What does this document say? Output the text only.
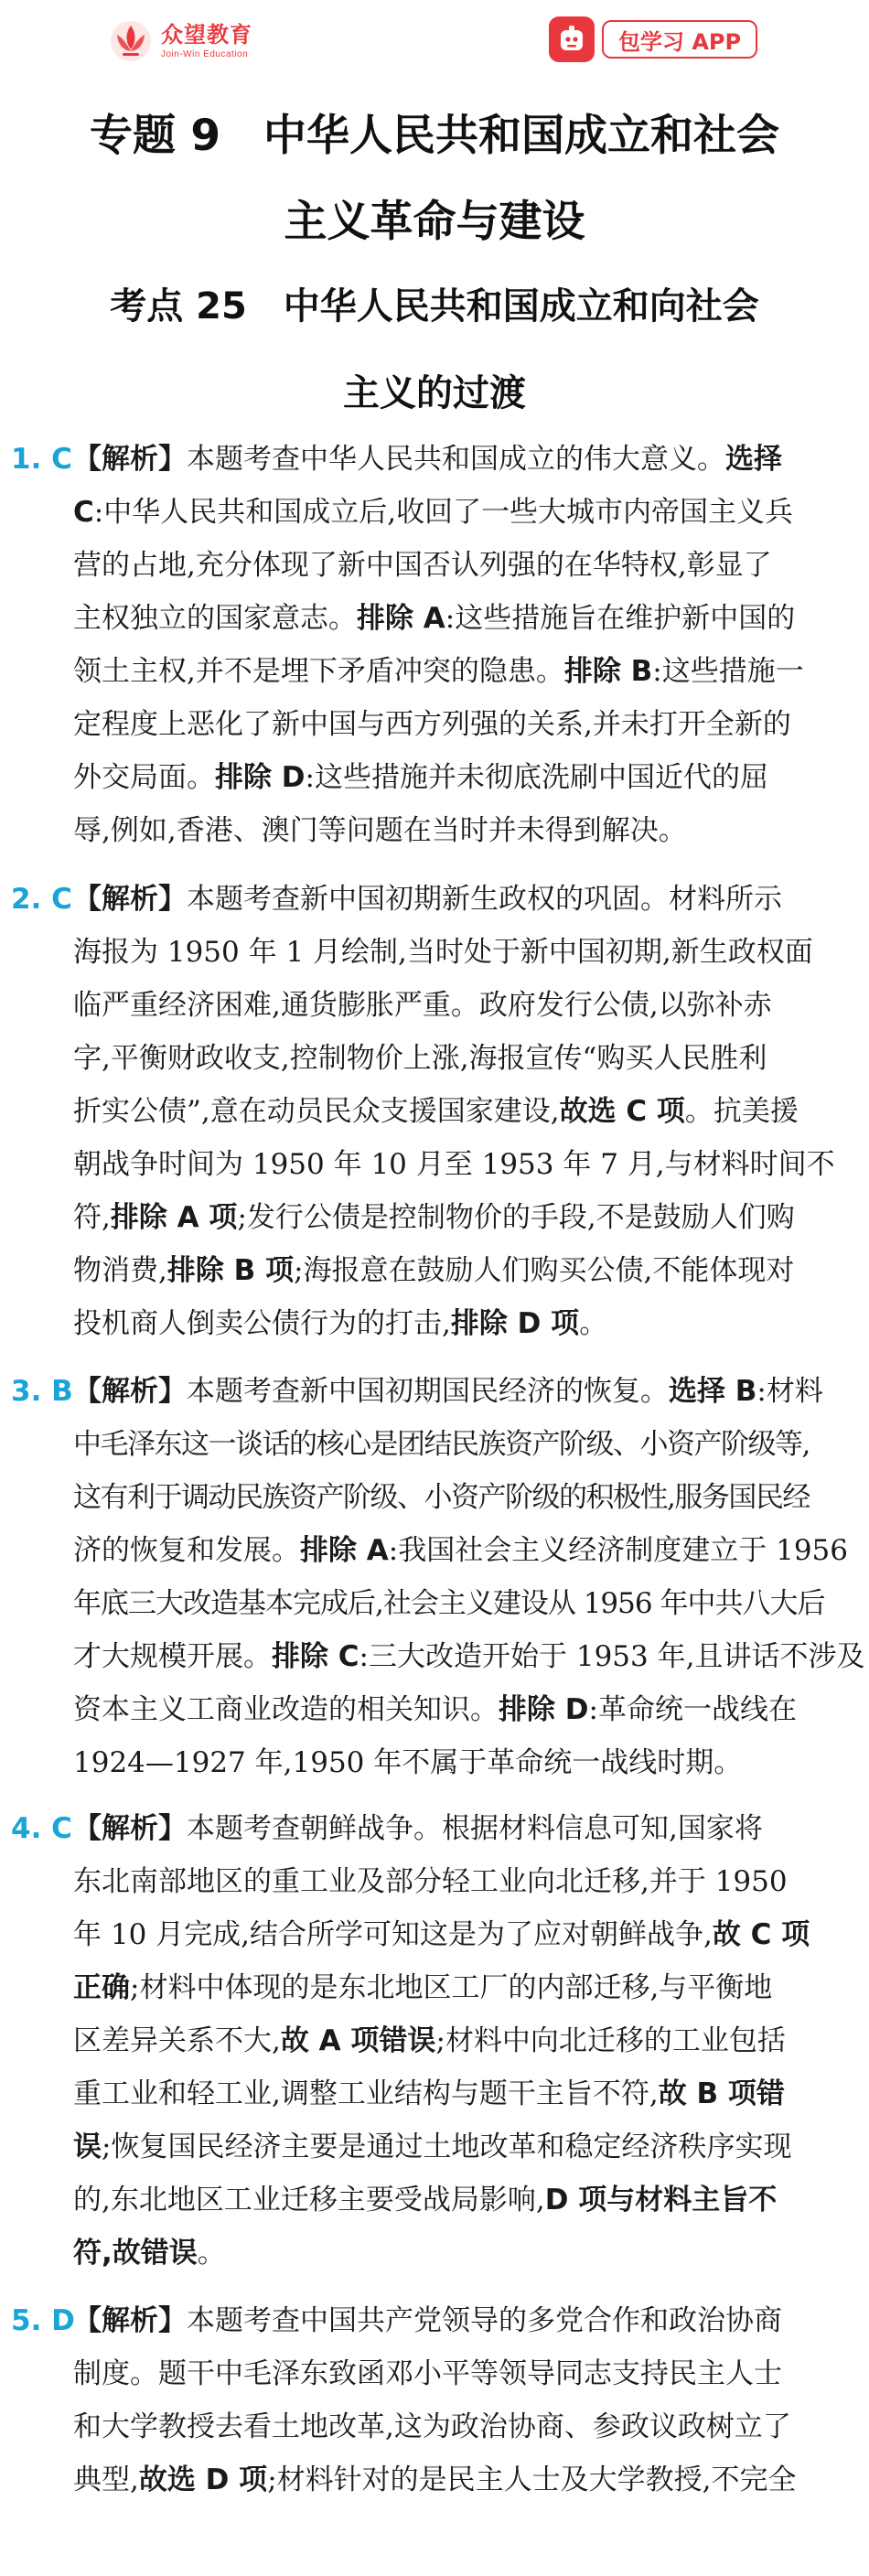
众望教育
Join-Win Education	包学习 APP
专题 9　中华人民共和国成立和社会
主义革命与建设
考点 25　中华人民共和国成立和向社会
主义的过渡
1. C【解析】本题考查中华人民共和国成立的伟大意义。选择
C:中华人民共和国成立后,收回了一些大城市内帝国主义兵
营的占地,充分体现了新中国否认列强的在华特权,彰显了
主权独立的国家意志。排除 A:这些措施旨在维护新中国的
领土主权,并不是埋下矛盾冲突的隐患。排除 B:这些措施一
定程度上恶化了新中国与西方列强的关系,并未打开全新的
外交局面。排除 D:这些措施并未彻底洗刷中国近代的屈
辱,例如,香港、澳门等问题在当时并未得到解决。
2. C【解析】本题考查新中国初期新生政权的巩固。材料所示
海报为 1950 年 1 月绘制,当时处于新中国初期,新生政权面
临严重经济困难,通货膨胀严重。政府发行公债,以弥补赤
字,平衡财政收支,控制物价上涨,海报宣传“购买人民胜利
折实公债”,意在动员民众支援国家建设,故选 C 项。抗美援
朝战争时间为 1950 年 10 月至 1953 年 7 月,与材料时间不
符,排除 A 项;发行公债是控制物价的手段,不是鼓励人们购
物消费,排除 B 项;海报意在鼓励人们购买公债,不能体现对
投机商人倒卖公债行为的打击,排除 D 项。
3. B【解析】本题考查新中国初期国民经济的恢复。选择 B:材料
中毛泽东这一谈话的核心是团结民族资产阶级、小资产阶级等,
这有利于调动民族资产阶级、小资产阶级的积极性,服务国民经
济的恢复和发展。排除 A:我国社会主义经济制度建立于 1956
年底三大改造基本完成后,社会主义建设从 1956 年中共八大后
才大规模开展。排除 C:三大改造开始于 1953 年,且讲话不涉及
资本主义工商业改造的相关知识。排除 D:革命统一战线在
1924—1927 年,1950 年不属于革命统一战线时期。
4. C【解析】本题考查朝鲜战争。根据材料信息可知,国家将
东北南部地区的重工业及部分轻工业向北迁移,并于 1950
年 10 月完成,结合所学可知这是为了应对朝鲜战争,故 C 项
正确;材料中体现的是东北地区工厂的内部迁移,与平衡地
区差异关系不大,故 A 项错误;材料中向北迁移的工业包括
重工业和轻工业,调整工业结构与题干主旨不符,故 B 项错
误;恢复国民经济主要是通过土地改革和稳定经济秩序实现
的,东北地区工业迁移主要受战局影响,D 项与材料主旨不
符,故错误。
5. D【解析】本题考查中国共产党领导的多党合作和政治协商
制度。题干中毛泽东致函邓小平等领导同志支持民主人士
和大学教授去看土地改革,这为政治协商、参政议政树立了
典型,故选 D 项;材料针对的是民主人士及大学教授,不完全
